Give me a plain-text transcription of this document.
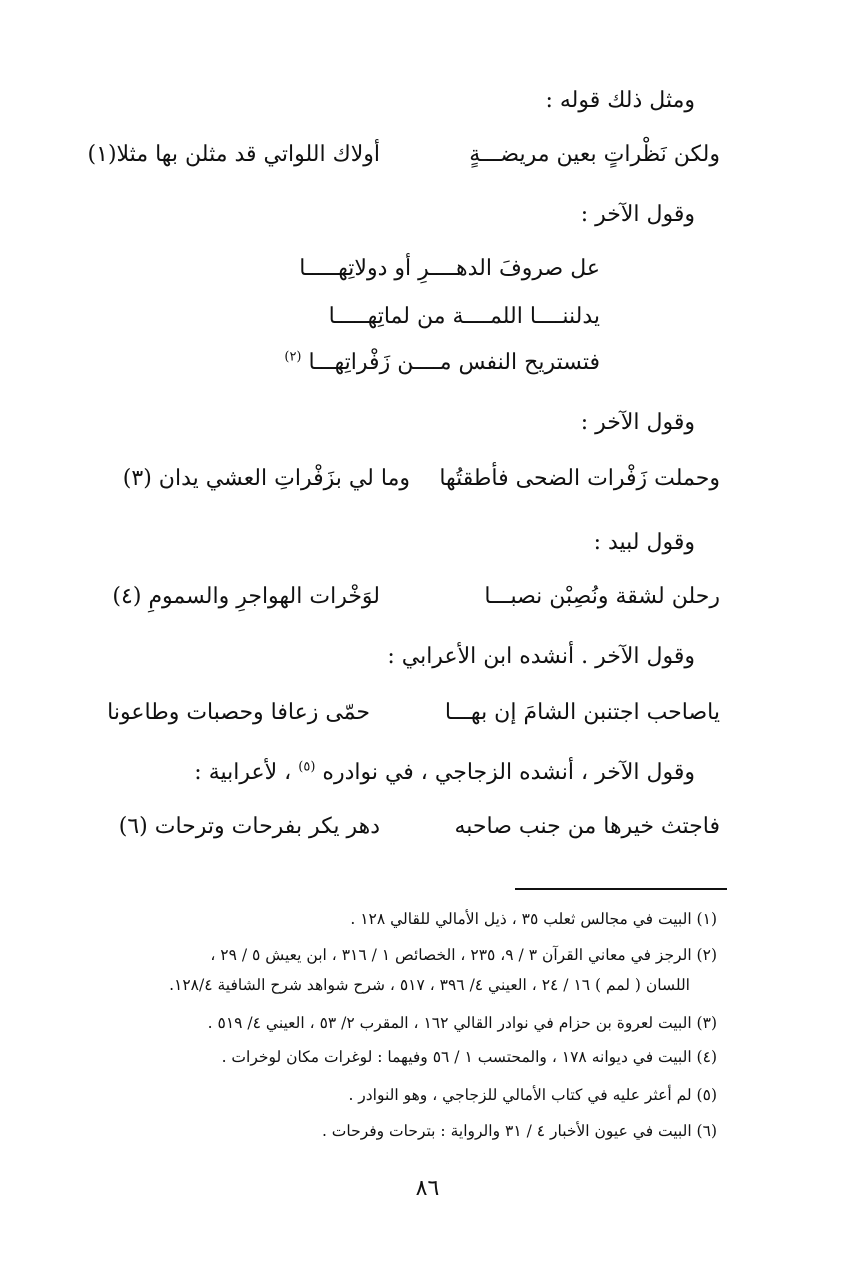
ومثل ذلك قوله :
أولاك اللواتي قد مثلن بها مثلا(١)	ولكن نَظْراتٍ بعين مريضـــةٍ
وقول الآخر :
عل صروفَ الدهــــرِ أو دولاتِهـــــا
يدلننــــا اللمــــة من لماتِهـــــا
فتستريح النفس مــــن زَفْراتِهـــا $^{(٢)}$
وقول الآخر :
وما لي بزَفْراتِ العشي يدان (٣)	وحملت زَفْرات الضحى فأطقتُها
وقول لبيد :
لوَخْرات الهواجرِ والسمومِ (٤)	رحلن لشقة ونُصِبْن نصبـــا
وقول الآخر . أنشده ابن الأعرابي :
حمّى زعافا وحصبات وطاعونا	ياصاحب اجتنبن الشامَ إن بهـــا
وقول الآخر ، أنشده الزجاجي ، في نوادره $^{(٥)}$ ، لأعرابية :
دهر يكر بفرحات وترحات (٦)	فاجتث خيرها من جنب صاحبه
(١) البيت في مجالس ثعلب ٣٥ ، ذيل الأمالي للقالي ١٢٨ .
(٢) الرجز في معاني القرآن ٣ / ٩، ٢٣٥ ، الخصائص ١ / ٣١٦ ، ابن يعيش ٥ / ٢٩ ،
اللسان ( لمم ) ١٦ / ٢٤ ، العيني ٤/ ٣٩٦ ، ٥١٧ ، شرح شواهد شرح الشافية ١٢٨/٤.
(٣) البيت لعروة بن حزام في نوادر القالي ١٦٢ ، المقرب ٢/ ٥٣ ، العيني ٤/ ٥١٩ .
(٤) البيت في ديوانه ١٧٨ ، والمحتسب ١ / ٥٦ وفيهما : لوغرات مكان لوخرات .
(٥) لم أعثر عليه في كتاب الأمالي للزجاجي ، وهو النوادر .
(٦) البيت في عيون الأخبار ٤ / ٣١ والرواية : بترحات وفرحات .
٨٦
